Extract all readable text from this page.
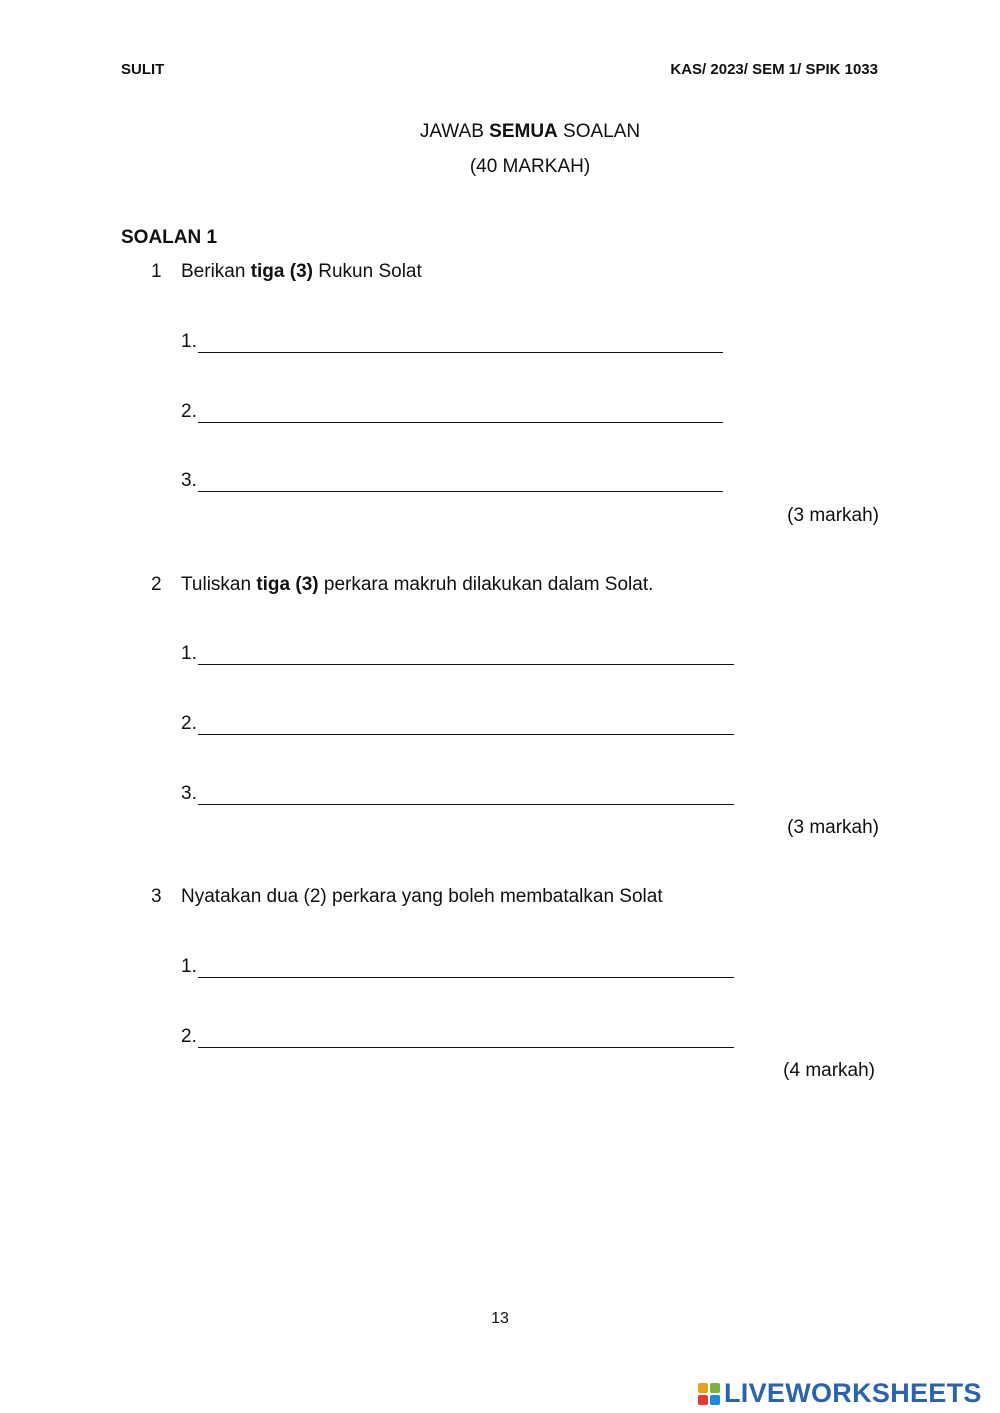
SULIT	KAS/ 2023/ SEM 1/ SPIK 1033
JAWAB SEMUA SOALAN
(40 MARKAH)
SOALAN 1
1 Berikan tiga (3) Rukun Solat
1.
2.
3.
(3 markah)
2 Tuliskan tiga (3) perkara makruh dilakukan dalam Solat.
1.
2.
3.
(3 markah)
3 Nyatakan dua (2) perkara yang boleh membatalkan Solat
1.
2.
(4 markah)
13
LIVEWORKSHEETS
